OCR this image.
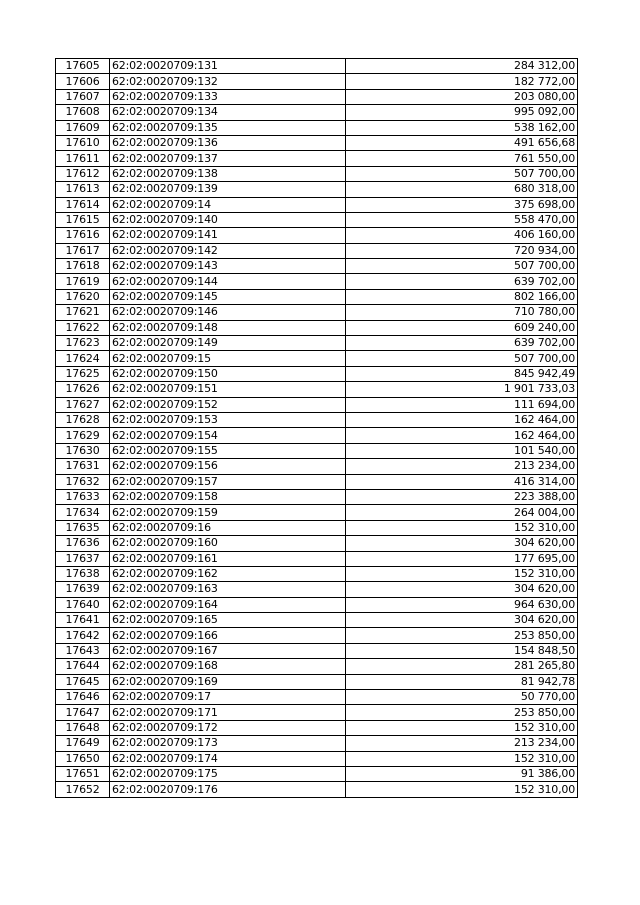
17605	62:02:0020709:131	284 312,00
17606	62:02:0020709:132	182 772,00
17607	62:02:0020709:133	203 080,00
17608	62:02:0020709:134	995 092,00
17609	62:02:0020709:135	538 162,00
17610	62:02:0020709:136	491 656,68
17611	62:02:0020709:137	761 550,00
17612	62:02:0020709:138	507 700,00
17613	62:02:0020709:139	680 318,00
17614	62:02:0020709:14	375 698,00
17615	62:02:0020709:140	558 470,00
17616	62:02:0020709:141	406 160,00
17617	62:02:0020709:142	720 934,00
17618	62:02:0020709:143	507 700,00
17619	62:02:0020709:144	639 702,00
17620	62:02:0020709:145	802 166,00
17621	62:02:0020709:146	710 780,00
17622	62:02:0020709:148	609 240,00
17623	62:02:0020709:149	639 702,00
17624	62:02:0020709:15	507 700,00
17625	62:02:0020709:150	845 942,49
17626	62:02:0020709:151	1 901 733,03
17627	62:02:0020709:152	111 694,00
17628	62:02:0020709:153	162 464,00
17629	62:02:0020709:154	162 464,00
17630	62:02:0020709:155	101 540,00
17631	62:02:0020709:156	213 234,00
17632	62:02:0020709:157	416 314,00
17633	62:02:0020709:158	223 388,00
17634	62:02:0020709:159	264 004,00
17635	62:02:0020709:16	152 310,00
17636	62:02:0020709:160	304 620,00
17637	62:02:0020709:161	177 695,00
17638	62:02:0020709:162	152 310,00
17639	62:02:0020709:163	304 620,00
17640	62:02:0020709:164	964 630,00
17641	62:02:0020709:165	304 620,00
17642	62:02:0020709:166	253 850,00
17643	62:02:0020709:167	154 848,50
17644	62:02:0020709:168	281 265,80
17645	62:02:0020709:169	81 942,78
17646	62:02:0020709:17	50 770,00
17647	62:02:0020709:171	253 850,00
17648	62:02:0020709:172	152 310,00
17649	62:02:0020709:173	213 234,00
17650	62:02:0020709:174	152 310,00
17651	62:02:0020709:175	91 386,00
17652	62:02:0020709:176	152 310,00
